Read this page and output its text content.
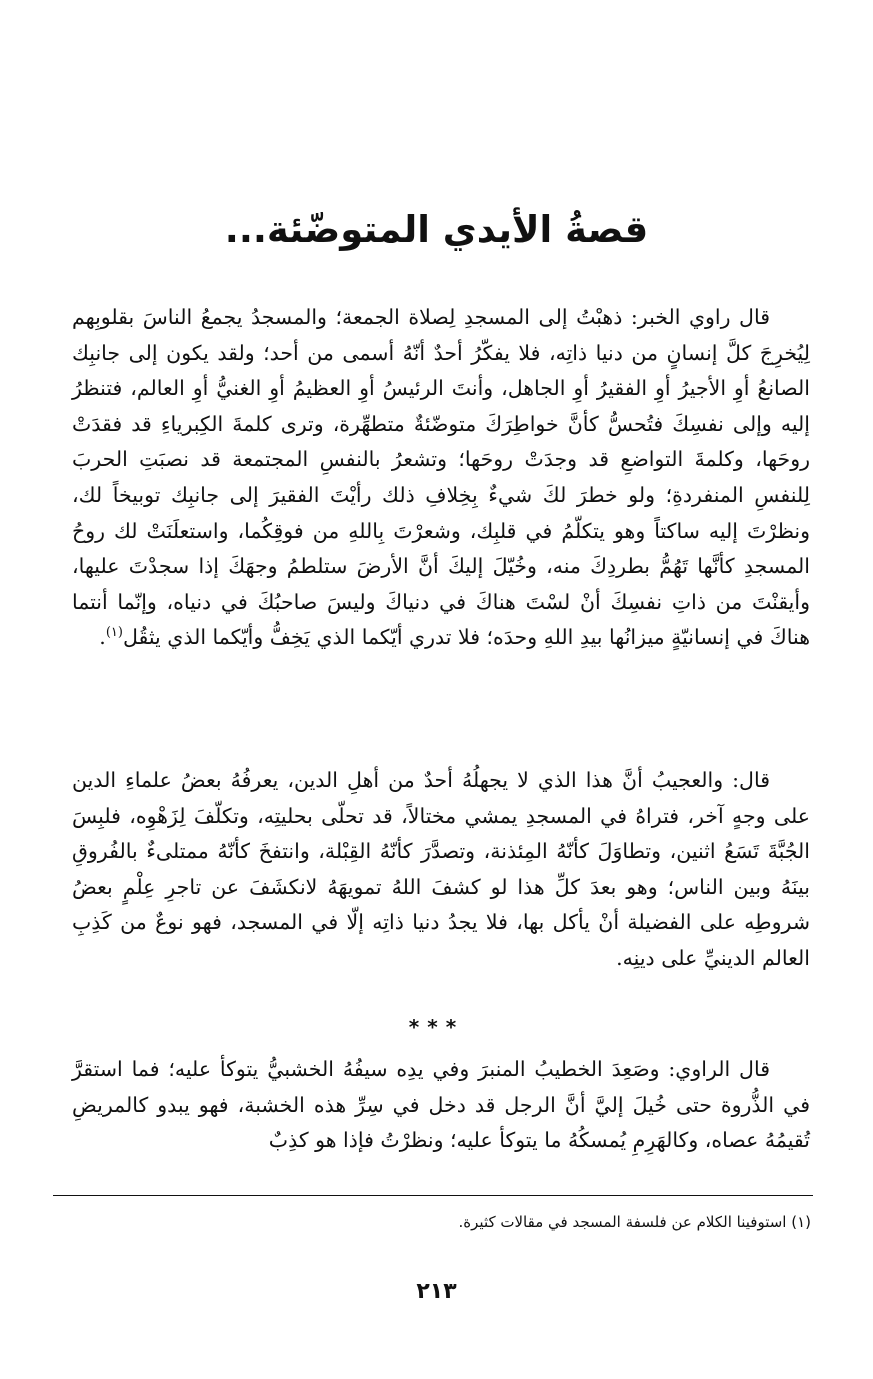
قصةُ الأيدي المتوضّئة...

قال راوي الخبر: ذهبْتُ إلى المسجدِ لِصلاة الجمعة؛ والمسجدُ يجمعُ الناسَ بقلوبِهم لِيُخرِجَ كلَّ إنسانٍ من دنيا ذاتِه، فلا يفكّرُ أحدٌ أنّهُ أسمى من أحد؛ ولقد يكون إلى جانبِك الصانعُ أوِ الأجيرُ أوِ الفقيرُ أوِ الجاهل، وأنتَ الرئيسُ أوِ العظيمُ أوِ الغنيُّ أوِ العالم، فتنظرُ إليه وإلى نفسِكَ فتُحسُّ كأنَّ خواطِرَكَ متوضّئةٌ متطهِّرة، وترى كلمةَ الكِبرياءِ قد فقدَتْ روحَها، وكلمةَ التواضعِ قد وجدَتْ روحَها؛ وتشعرُ بالنفسِ المجتمعة قد نصبَتِ الحربَ لِلنفسِ المنفردةِ؛ ولو خطرَ لكَ شيءٌ بِخِلافِ ذلك رأيْتَ الفقيرَ إلى جانبِك توبيخاً لك، ونظرْتَ إليه ساكتاً وهو يتكلّمُ في قلبِك، وشعرْتَ بِاللهِ من فوقِكُما، واستعلَنَتْ لك روحُ المسجدِ كأنَّها تَهُمُّ بطردِكَ منه، وخُيّلَ إليكَ أنَّ الأرضَ ستلطمُ وجهَكَ إذا سجدْتَ عليها، وأيقنْتَ من ذاتِ نفسِكَ أنْ لسْتَ هناكَ في دنياكَ وليسَ صاحبُكَ في دنياه، وإنّما أنتما هناكَ في إنسانيّةٍ ميزانُها بيدِ اللهِ وحدَه؛ فلا تدري أيّكما الذي يَخِفُّ وأيّكما الذي يثقُل$^{(١)}$.

قال: والعجيبُ أنَّ هذا الذي لا يجهلُهُ أحدٌ من أهلِ الدين، يعرفُهُ بعضُ علماءِ الدين على وجهٍ آخر، فتراهُ في المسجدِ يمشي مختالاً، قد تحلّى بحليتِه، وتكلّفَ لِزَهْوِه، فلبِسَ الجُبَّةَ تَسَعُ اثنين، وتطاوَلَ كأنّهُ المِئذنة، وتصدَّرَ كأنّهُ القِبْلة، وانتفخَ كأنّهُ ممتلىءٌ بالفُروقِ بينَهُ وبين الناس؛ وهو بعدَ كلِّ هذا لو كشفَ اللهُ تمويهَهُ لانكشَفَ عن تاجرِ عِلْمٍ بعضُ شروطِه على الفضيلة أنْ يأكل بها، فلا يجدُ دنيا ذاتِه إلّا في المسجد، فهو نوعٌ من كَذِبِ العالم الدينيِّ على دينِه.

***

قال الراوي: وصَعِدَ الخطيبُ المنبرَ وفي يدِه سيفُهُ الخشبيُّ يتوكأ عليه؛ فما استقرَّ في الذُّروة حتى خُيلَ إليَّ أنَّ الرجل قد دخل في سِرِّ هذه الخشبة، فهو يبدو كالمريضِ تُقيمُهُ عصاه، وكالهَرِمِ يُمسكُهُ ما يتوكأ عليه؛ ونظرْتُ فإذا هو كذِبٌ

(١) استوفينا الكلام عن فلسفة المسجد في مقالات كثيرة.

٢١٣
